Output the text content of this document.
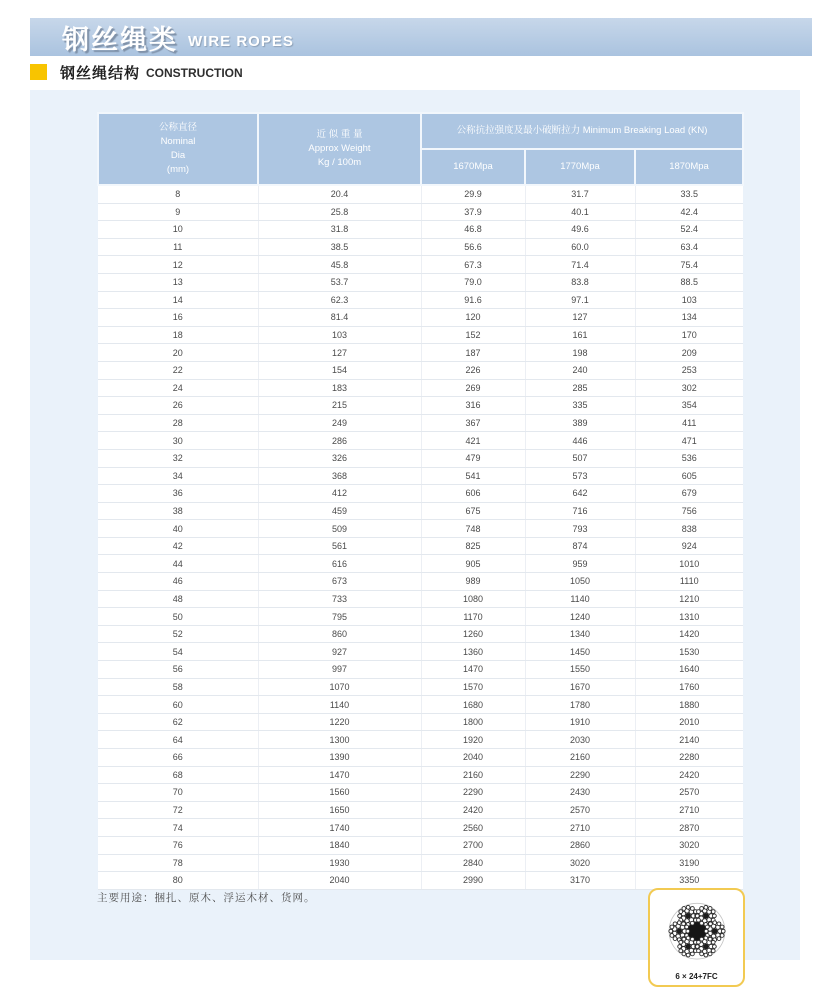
钢丝绳类 WIRE ROPES
钢丝绳结构 CONSTRUCTION
公称直径
Nominal
Dia
(mm)

近 似 重 量
Approx Weight
Kg / 100m
	公称抗拉强度及最小破断拉力 Minimum Breaking Load (KN)
		1670Mpa	1770Mpa	1870Mpa
8	20.4	29.9	31.7	33.5
9	25.8	37.9	40.1	42.4
10	31.8	46.8	49.6	52.4
11	38.5	56.6	60.0	63.4
12	45.8	67.3	71.4	75.4
13	53.7	79.0	83.8	88.5
14	62.3	91.6	97.1	103
16	81.4	120	127	134
18	103	152	161	170
20	127	187	198	209
22	154	226	240	253
24	183	269	285	302
26	215	316	335	354
28	249	367	389	411
30	286	421	446	471
32	326	479	507	536
34	368	541	573	605
36	412	606	642	679
38	459	675	716	756
40	509	748	793	838
42	561	825	874	924
44	616	905	959	1010
46	673	989	1050	1110
48	733	1080	1140	1210
50	795	1170	1240	1310
52	860	1260	1340	1420
54	927	1360	1450	1530
56	997	1470	1550	1640
58	1070	1570	1670	1760
60	1140	1680	1780	1880
62	1220	1800	1910	2010
64	1300	1920	2030	2140
66	1390	2040	2160	2280
68	1470	2160	2290	2420
70	1560	2290	2430	2570
72	1650	2420	2570	2710
74	1740	2560	2710	2870
76	1840	2700	2860	3020
78	1930	2840	3020	3190
80	2040	2990	3170	3350
主要用途：捆扎、原木、浮运木材、货网。
6 × 24+7FC
